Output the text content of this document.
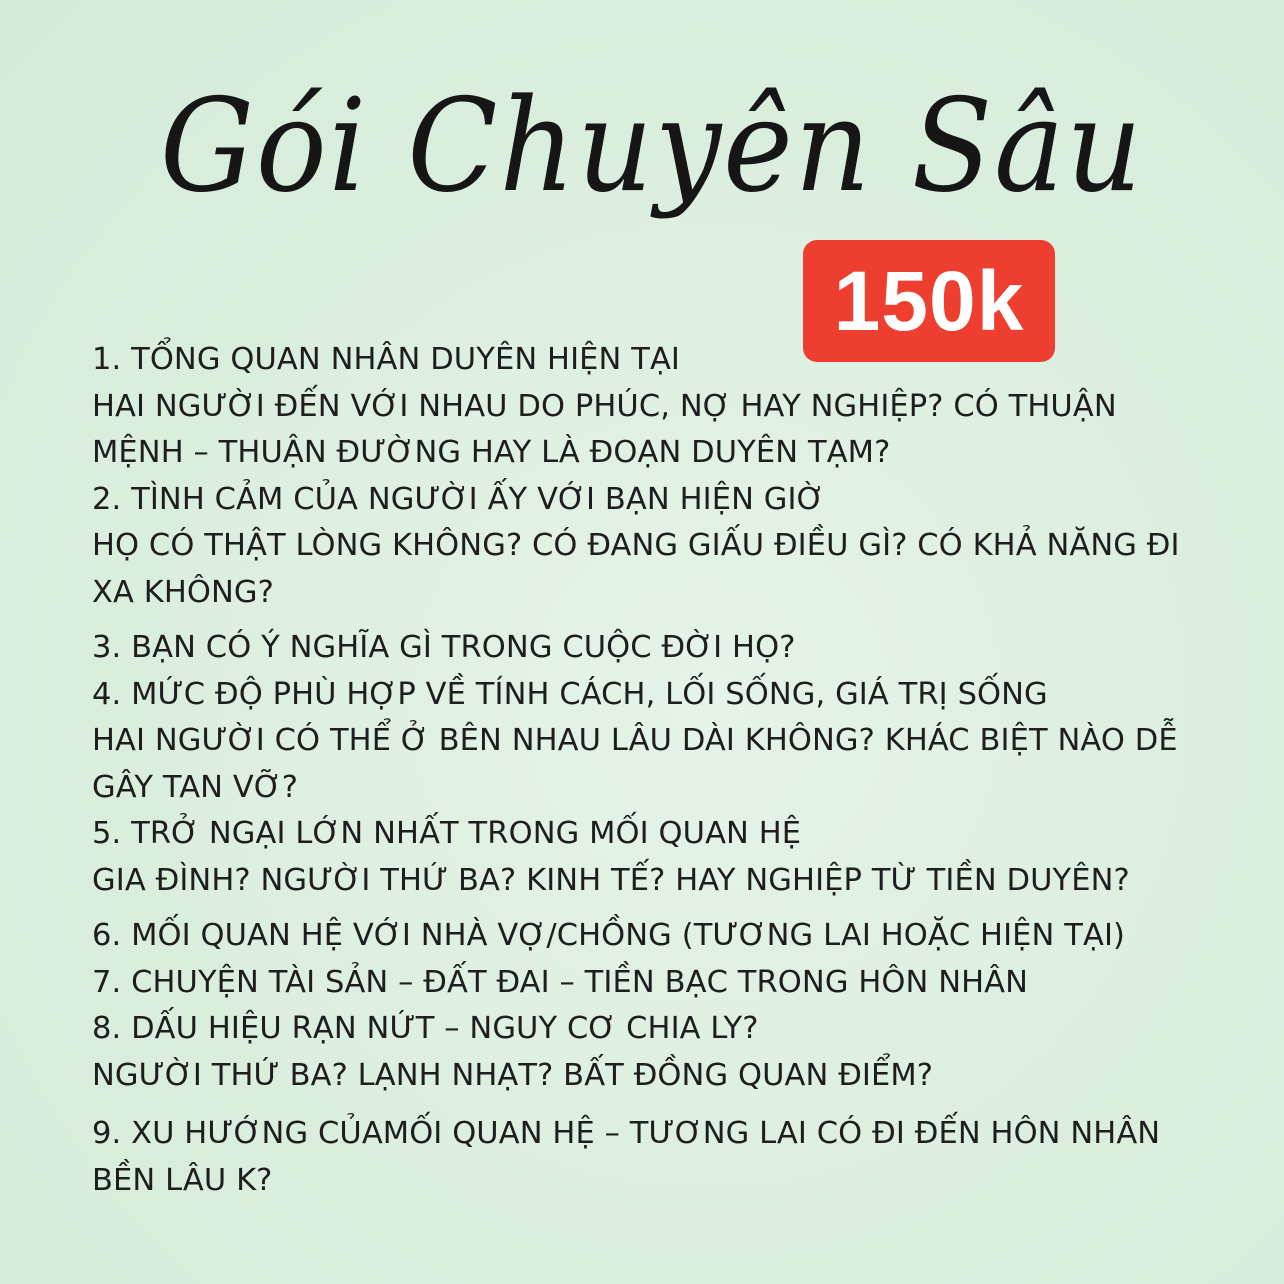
Gói Chuyên Sâu
150k
1. TỔNG QUAN NHÂN DUYÊN HIỆN TẠI
HAI NGƯỜI ĐẾN VỚI NHAU DO PHÚC, NỢ HAY NGHIỆP? CÓ THUẬN
MỆNH – THUẬN ĐƯỜNG HAY LÀ ĐOẠN DUYÊN TẠM?
2. TÌNH CẢM CỦA NGƯỜI ẤY VỚI BẠN HIỆN GIỜ
HỌ CÓ THẬT LÒNG KHÔNG? CÓ ĐANG GIẤU ĐIỀU GÌ? CÓ KHẢ NĂNG ĐI
XA KHÔNG?
3. BẠN CÓ Ý NGHĨA GÌ TRONG CUỘC ĐỜI HỌ?
4. MỨC ĐỘ PHÙ HỢP VỀ TÍNH CÁCH, LỐI SỐNG, GIÁ TRỊ SỐNG
HAI NGƯỜI CÓ THỂ Ở BÊN NHAU LÂU DÀI KHÔNG? KHÁC BIỆT NÀO DỄ
GÂY TAN VỠ?
5. TRỞ NGẠI LỚN NHẤT TRONG MỐI QUAN HỆ
GIA ĐÌNH? NGƯỜI THỨ BA? KINH TẾ? HAY NGHIỆP TỪ TIỀN DUYÊN?
6. MỐI QUAN HỆ VỚI NHÀ VỢ/CHỒNG (TƯƠNG LAI HOẶC HIỆN TẠI)
7. CHUYỆN TÀI SẢN – ĐẤT ĐAI – TIỀN BẠC TRONG HÔN NHÂN
8. DẤU HIỆU RẠN NỨT – NGUY CƠ CHIA LY?
NGƯỜI THỨ BA? LẠNH NHẠT? BẤT ĐỒNG QUAN ĐIỂM?
9. XU HƯỚNG CỦAMỐI QUAN HỆ – TƯƠNG LAI CÓ ĐI ĐẾN HÔN NHÂN
BỀN LÂU K?
